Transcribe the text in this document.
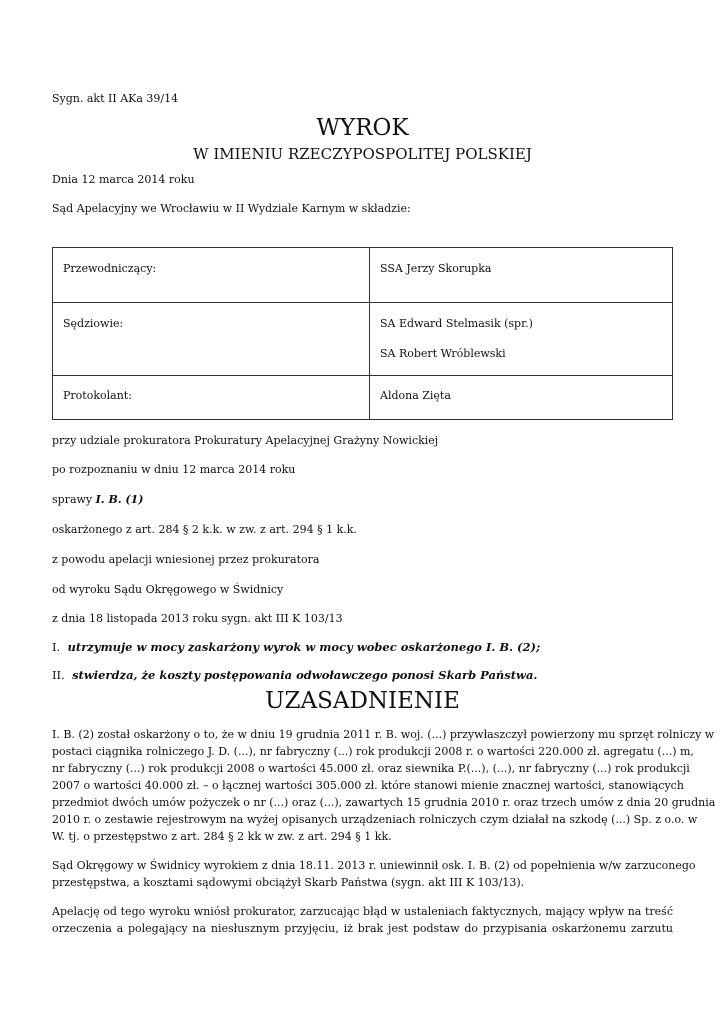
Sygn. akt II AKa 39/14
WYROK
W IMIENIU RZECZYPOSPOLITEJ POLSKIEJ
Dnia 12 marca 2014 roku
Sąd Apelacyjny we Wrocławiu w II Wydziale Karnym w składzie:
Przewodniczący:	SSA Jerzy Skorupka
Sędziowie:	SA Edward Stelmasik (spr.)
SA Robert Wróblewski

Protokolant:	Aldona Zięta
przy udziale prokuratora Prokuratury Apelacyjnej Grażyny Nowickiej
po rozpoznaniu w dniu 12 marca 2014 roku
sprawy I. B. (1)
oskarżonego z art. 284 § 2 k.k. w zw. z art. 294 § 1 k.k.
z powodu apelacji wniesionej przez prokuratora
od wyroku Sądu Okręgowego w Świdnicy
z dnia 18 listopada 2013 roku sygn. akt III K 103/13
I. utrzymuje w mocy zaskarżony wyrok w mocy wobec oskarżonego I. B. (2);
II. stwierdza, że koszty postępowania odwoławczego ponosi Skarb Państwa.
UZASADNIENIE
I. B. (2) został oskarżony o to, że w dniu 19 grudnia 2011 r. B. woj. (...) przywłaszczył powierzony mu sprzęt rolniczy w
postaci ciągnika rolniczego J. D. (...), nr fabryczny (...) rok produkcji 2008 r. o wartości 220.000 zł. agregatu (...) m,
nr fabryczny (...) rok produkcji 2008 o wartości 45.000 zł. oraz siewnika P.(...), (...), nr fabryczny (...) rok produkcji
2007 o wartości 40.000 zł. – o łącznej wartości 305.000 zł. które stanowi mienie znacznej wartości, stanowiących
przedmiot dwóch umów pożyczek o nr (...) oraz (...), zawartych 15 grudnia 2010 r. oraz trzech umów z dnia 20 grudnia
2010 r. o zestawie rejestrowym na wyżej opisanych urządzeniach rolniczych czym działał na szkodę (...) Sp. z o.o. w
W. tj. o przestępstwo z art. 284 § 2 kk w zw. z art. 294 § 1 kk.
Sąd Okręgowy w Świdnicy wyrokiem z dnia 18.11. 2013 r. uniewinnił osk. I. B. (2) od popełnienia w/w zarzuconego
przestępstwa, a kosztami sądowymi obciążył Skarb Państwa (sygn. akt III K 103/13).
Apelację od tego wyroku wniósł prokurator, zarzucając błąd w ustaleniach faktycznych, mający wpływ na treść
orzeczenia a polegający na niesłusznym przyjęciu, iż brak jest podstaw do przypisania oskarżonemu zarzutu
